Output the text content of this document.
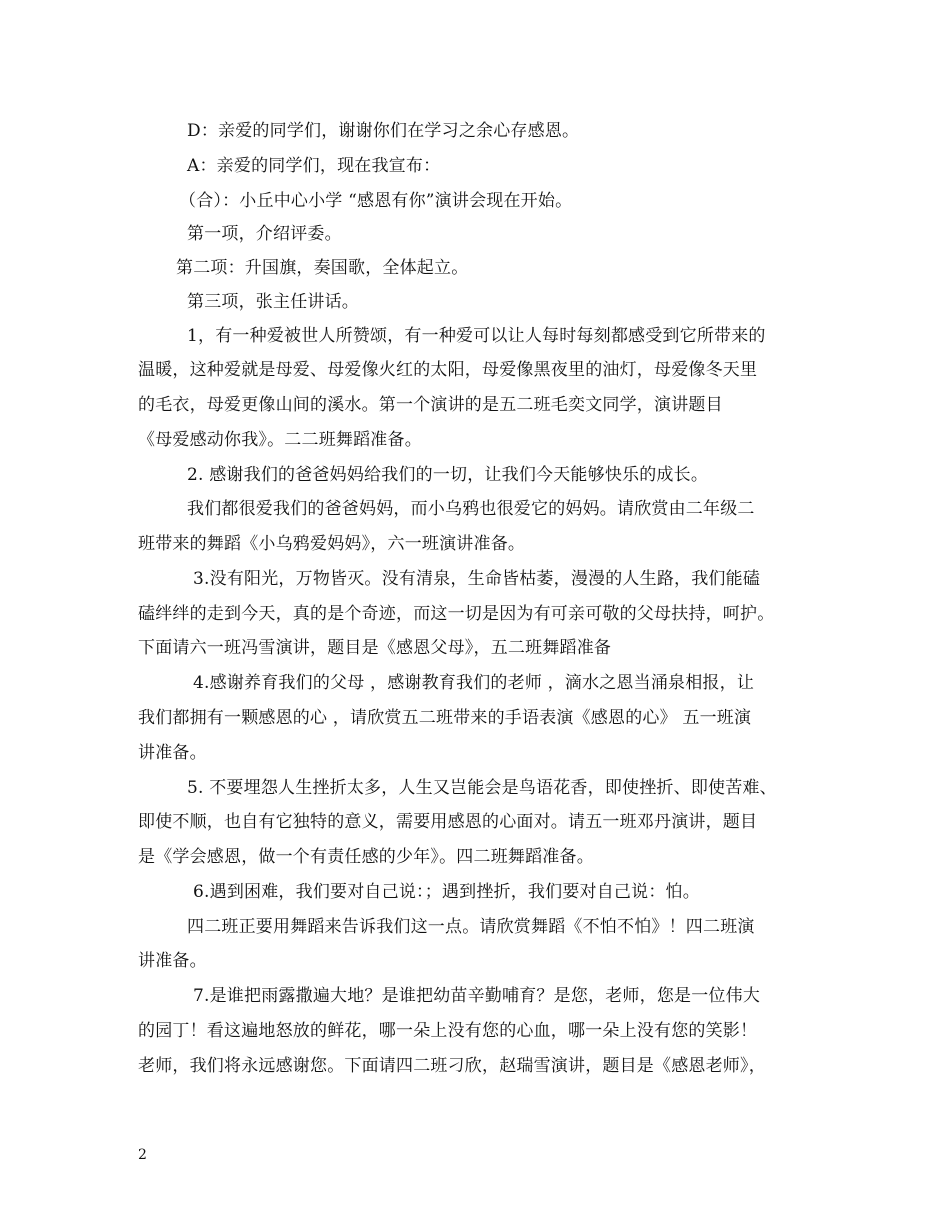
D：亲爱的同学们，谢谢你们在学习之余心存感恩。
A：亲爱的同学们，现在我宣布：
（合）：小丘中心小学 “感恩有你”演讲会现在开始。
第一项，介绍评委。
第二项：升国旗，奏国歌，全体起立。
第三项，张主任讲话。
1，有一种爱被世人所赞颂，有一种爱可以让人每时每刻都感受到它所带来的
温暖，这种爱就是母爱、母爱像火红的太阳，母爱像黑夜里的油灯，母爱像冬天里
的毛衣，母爱更像山间的溪水。第一个演讲的是五二班毛奕文同学，演讲题目
《母爱感动你我》。二二班舞蹈准备。
2. 感谢我们的爸爸妈妈给我们的一切，让我们今天能够快乐的成长。
我们都很爱我们的爸爸妈妈，而小乌鸦也很爱它的妈妈。请欣赏由二年级二
班带来的舞蹈《小乌鸦爱妈妈》，六一班演讲准备。
3.没有阳光，万物皆灭。没有清泉，生命皆枯萎，漫漫的人生路，我们能磕
磕绊绊的走到今天，真的是个奇迹，而这一切是因为有可亲可敬的父母扶持，呵护。
下面请六一班冯雪演讲，题目是《感恩父母》，五二班舞蹈准备
4.感谢养育我们的父母 ，感谢教育我们的老师 ，滴水之恩当涌泉相报，让
我们都拥有一颗感恩的心 ，请欣赏五二班带来的手语表演《感恩的心》 五一班演
讲准备。
5. 不要埋怨人生挫折太多，人生又岂能会是鸟语花香，即使挫折、即使苦难、
即使不顺，也自有它独特的意义，需要用感恩的心面对。请五一班邓丹演讲，题目
是《学会感恩，做一个有责任感的少年》。四二班舞蹈准备。
6.遇到困难，我们要对自己说：；遇到挫折，我们要对自己说：怕。
四二班正要用舞蹈来告诉我们这一点。请欣赏舞蹈《不怕不怕》！四二班演
讲准备。
7.是谁把雨露撒遍大地？是谁把幼苗辛勤哺育？是您，老师，您是一位伟大
的园丁！看这遍地怒放的鲜花，哪一朵上没有您的心血，哪一朵上没有您的笑影！
老师，我们将永远感谢您。下面请四二班刁欣，赵瑞雪演讲，题目是《感恩老师》，
2
